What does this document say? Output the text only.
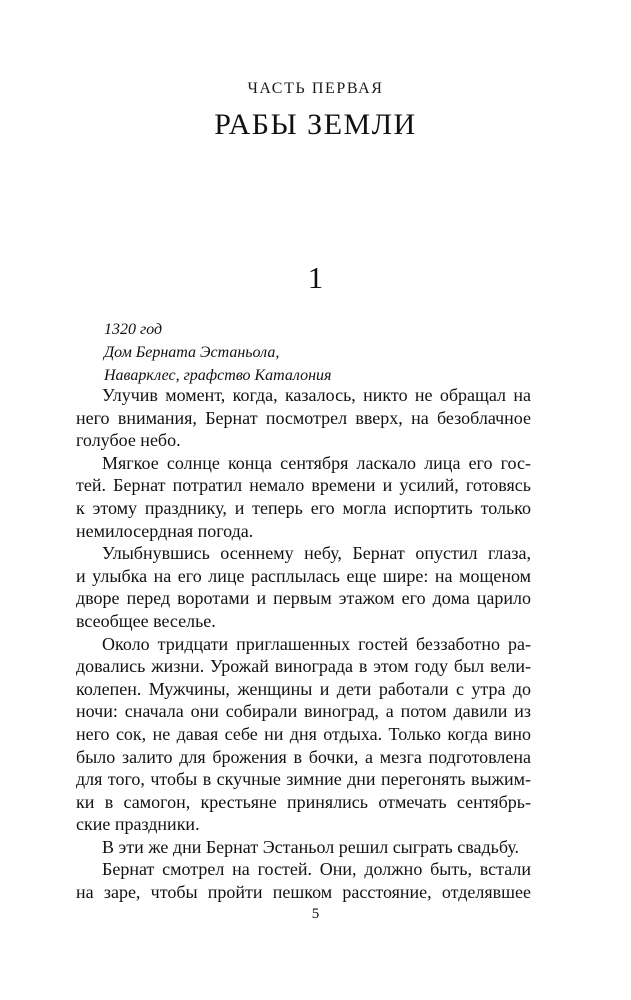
ЧАСТЬ ПЕРВАЯ
РАБЫ ЗЕМЛИ
1
1320 год
Дом Берната Эстаньола,
Наварклес, графство Каталония
Улучив момент, когда, казалось, никто не обращал на
него внимания, Бернат посмотрел вверх, на безоблачное
голубое небо.
Мягкое солнце конца сентября ласкало лица его гос-
тей. Бернат потратил немало времени и усилий, готовясь
к этому празднику, и теперь его могла испортить только
немилосердная погода.
Улыбнувшись осеннему небу, Бернат опустил глаза,
и улыбка на его лице расплылась еще шире: на мощеном
дворе перед воротами и первым этажом его дома царило
всеобщее веселье.
Около тридцати приглашенных гостей беззаботно ра-
довались жизни. Урожай винограда в этом году был вели-
колепен. Мужчины, женщины и дети работали с утра до
ночи: сначала они собирали виноград, а потом давили из
него сок, не давая себе ни дня отдыха. Только когда вино
было залито для брожения в бочки, а мезга подготовлена
для того, чтобы в скучные зимние дни перегонять выжим-
ки в самогон, крестьяне принялись отмечать сентябрь-
ские праздники.
В эти же дни Бернат Эстаньол решил сыграть свадьбу.
Бернат смотрел на гостей. Они, должно быть, встали
на заре, чтобы пройти пешком расстояние, отделявшее
5
